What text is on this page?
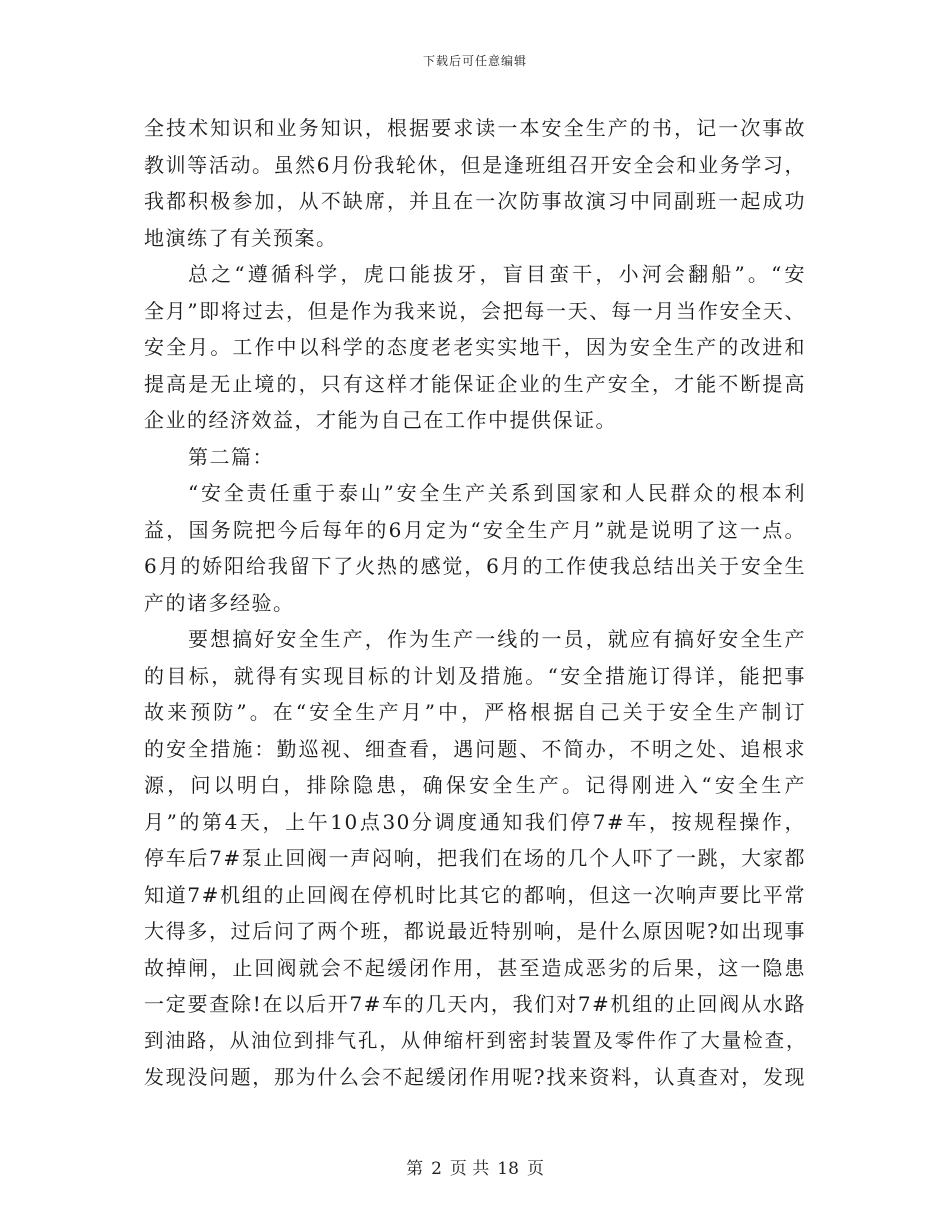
下载后可任意编辑
全技术知识和业务知识，根据要求读一本安全生产的书，记一次事故
教训等活动。虽然6月份我轮休，但是逢班组召开安全会和业务学习，
我都积极参加，从不缺席，并且在一次防事故演习中同副班一起成功
地演练了有关预案。
总之“遵循科学，虎口能拔牙，盲目蛮干，小河会翻船”。“安
全月”即将过去，但是作为我来说，会把每一天、每一月当作安全天、
安全月。工作中以科学的态度老老实实地干，因为安全生产的改进和
提高是无止境的，只有这样才能保证企业的生产安全，才能不断提高
企业的经济效益，才能为自己在工作中提供保证。
第二篇：
“安全责任重于泰山”安全生产关系到国家和人民群众的根本利
益，国务院把今后每年的6月定为“安全生产月”就是说明了这一点。
6月的娇阳给我留下了火热的感觉，6月的工作使我总结出关于安全生
产的诸多经验。
要想搞好安全生产，作为生产一线的一员，就应有搞好安全生产
的目标，就得有实现目标的计划及措施。“安全措施订得详，能把事
故来预防”。在“安全生产月”中，严格根据自己关于安全生产制订
的安全措施：勤巡视、细查看，遇问题、不简办，不明之处、追根求
源，问以明白，排除隐患，确保安全生产。记得刚进入“安全生产
月”的第4天，上午10点30分调度通知我们停7#车，按规程操作，
停车后7#泵止回阀一声闷响，把我们在场的几个人吓了一跳，大家都
知道7#机组的止回阀在停机时比其它的都响，但这一次响声要比平常
大得多，过后问了两个班，都说最近特别响，是什么原因呢?如出现事
故掉闸，止回阀就会不起缓闭作用，甚至造成恶劣的后果，这一隐患
一定要查除!在以后开7#车的几天内，我们对7#机组的止回阀从水路
到油路，从油位到排气孔，从伸缩杆到密封装置及零件作了大量检查，
发现没问题，那为什么会不起缓闭作用呢?找来资料，认真查对，发现
第 2 页 共 18 页
